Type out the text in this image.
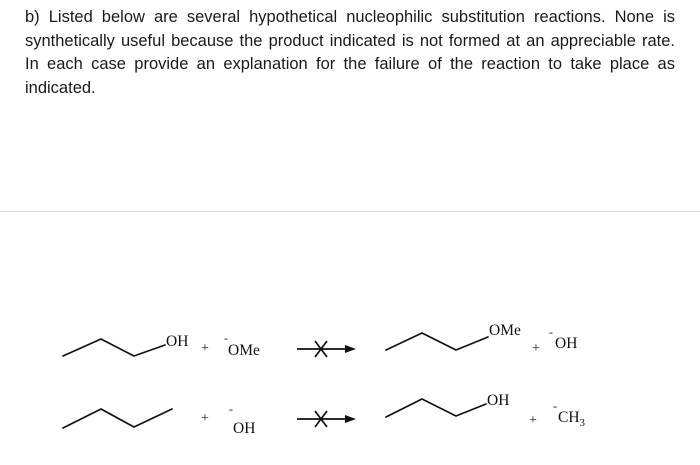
b) Listed below are several hypothetical nucleophilic substitution reactions. None is synthetically useful because the product indicated is not formed at an appreciable rate. In each case provide an explanation for the failure of the reaction to take place as indicated.

OH +
-
OMe
OMe
+
-
OH
+
-
OH
OH
+
-
$CH_3$
